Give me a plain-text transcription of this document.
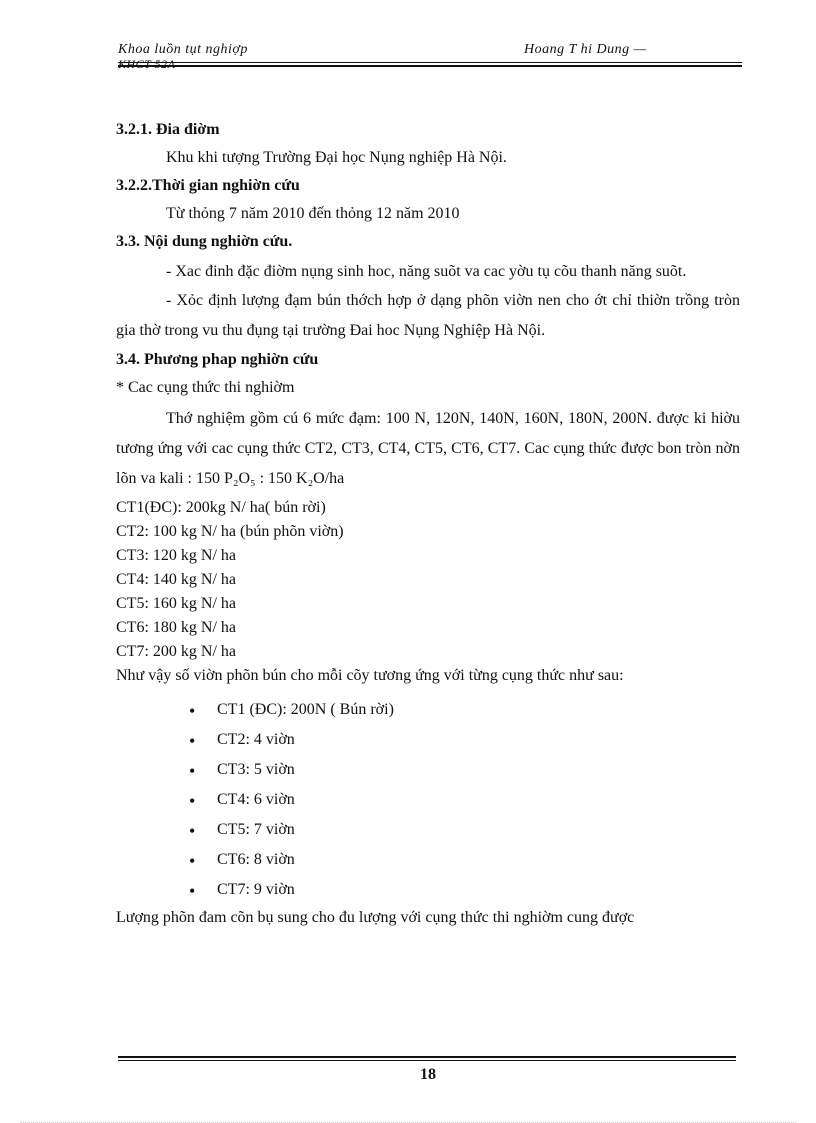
Khoa luồn tụt nghiợp
KHCT 52A
Hoang T hi Dung —

3.2.1. Đia điờm

Khu khi tượng Trường Đại học Nụng nghiệp Hà Nội.

3.2.2.Thời gian nghiờn cứu

Từ thỏng 7 năm 2010 đến thỏng 12 năm 2010

3.3. Nội dung nghiờn cứu.

- Xac đinh đặc điờm nụng sinh hoc, năng suõt va cac yờu tụ cõu thanh năng suõt.

- Xỏc định lượng đạm bún thớch hợp ở dạng phõn viờn nen cho ớt chỉ thiờn trồng tròn gia thờ trong vu thu đụng tại trường Đai hoc Nụng Nghiệp Hà Nội.

3.4. Phương phap nghiờn cứu

* Cac cụng thức thi nghiờm

Thớ nghiệm gồm cú 6 mức đạm: 100 N, 120N, 140N, 160N, 180N, 200N. được ki hiờu tương ứng với cac cụng thức CT2, CT3, CT4, CT5, CT6, CT7. Cac cụng thức được bon tròn nờn lõn va kali : 150 P₂O₅ : 150 K₂O/ha

CT1(ĐC): 200kg N/ ha( bún rời)
CT2: 100 kg N/ ha (bún phõn viờn)
CT3: 120 kg N/ ha
CT4: 140 kg N/ ha
CT5: 160 kg N/ ha
CT6: 180 kg N/ ha
CT7: 200 kg N/ ha

Như vậy số viờn phõn bún cho mỗi cõy tương ứng với từng cụng thức như sau:

• CT1 (ĐC): 200N ( Bún rời)
• CT2: 4 viờn
• CT3: 5 viờn
• CT4: 6 viờn
• CT5: 7 viờn
• CT6: 8 viờn
• CT7: 9 viờn

Lượng phõn đam cõn bụ sung cho đu lượng với cụng thức thi nghiờm cung được

18
